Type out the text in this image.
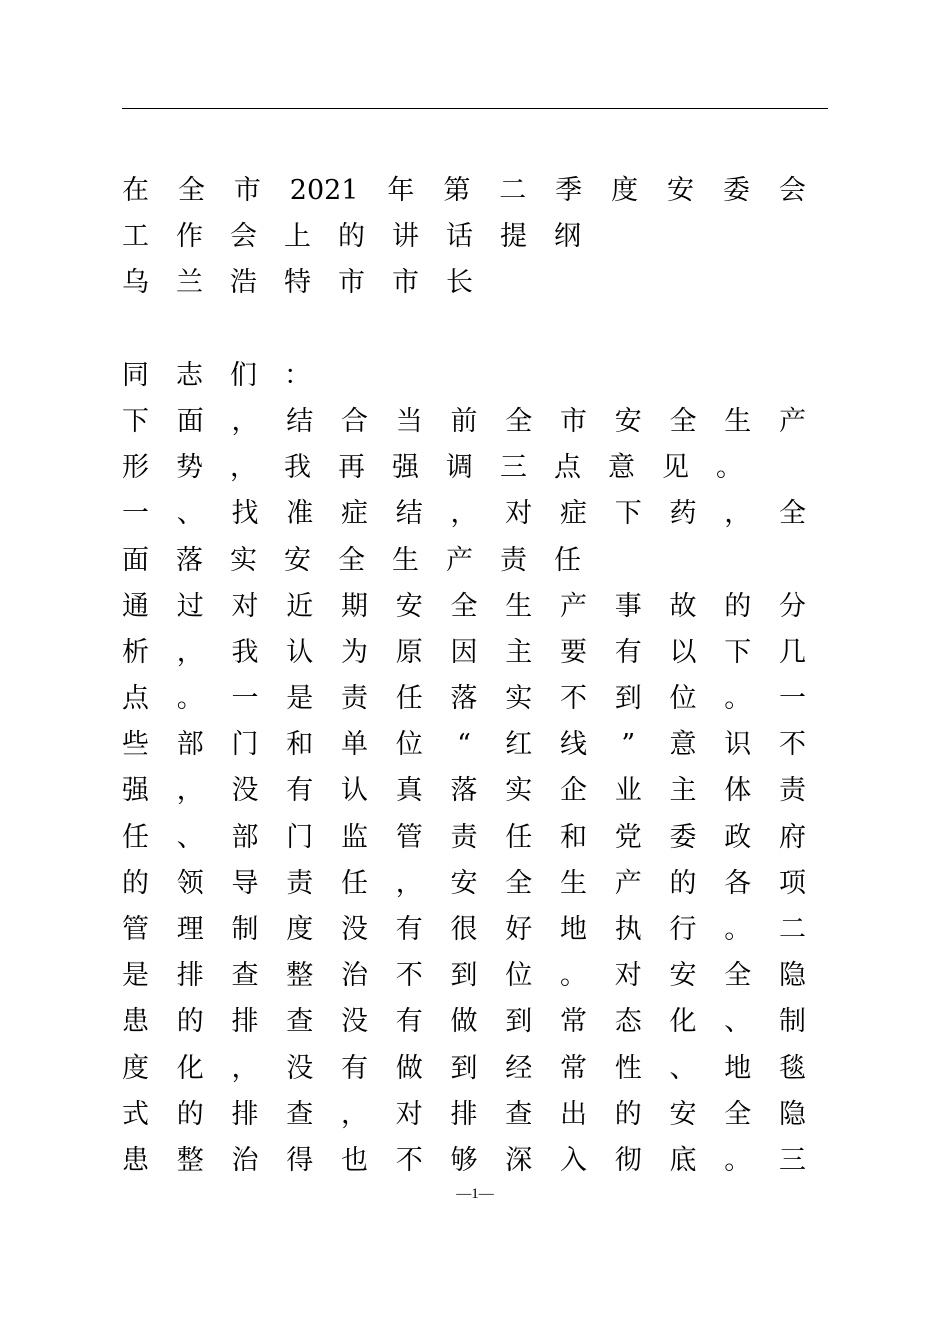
在 全 市 2021 年 第 二 季 度 安 委 会
工 作 会 上 的 讲 话 提 纲
乌 兰 浩 特 市 市 长
同 志 们 ：
下 面 ， 结 合 当 前 全 市 安 全 生 产
形 势 ， 我 再 强 调 三 点 意 见 。
一 、 找 准 症 结 ， 对 症 下 药 ， 全
面 落 实 安 全 生 产 责 任
通 过 对 近 期 安 全 生 产 事 故 的 分
析 ， 我 认 为 原 因 主 要 有 以 下 几
点 。 一 是 责 任 落 实 不 到 位 。 一
些 部 门 和 单 位 “ 红 线 ” 意 识 不
强 ， 没 有 认 真 落 实 企 业 主 体 责
任 、 部 门 监 管 责 任 和 党 委 政 府
的 领 导 责 任 ， 安 全 生 产 的 各 项
管 理 制 度 没 有 很 好 地 执 行 。 二
是 排 查 整 治 不 到 位 。 对 安 全 隐
患 的 排 查 没 有 做 到 常 态 化 、 制
度 化 ， 没 有 做 到 经 常 性 、 地 毯
式 的 排 查 ， 对 排 查 出 的 安 全 隐
患 整 治 得 也 不 够 深 入 彻 底 。 三
—1—
